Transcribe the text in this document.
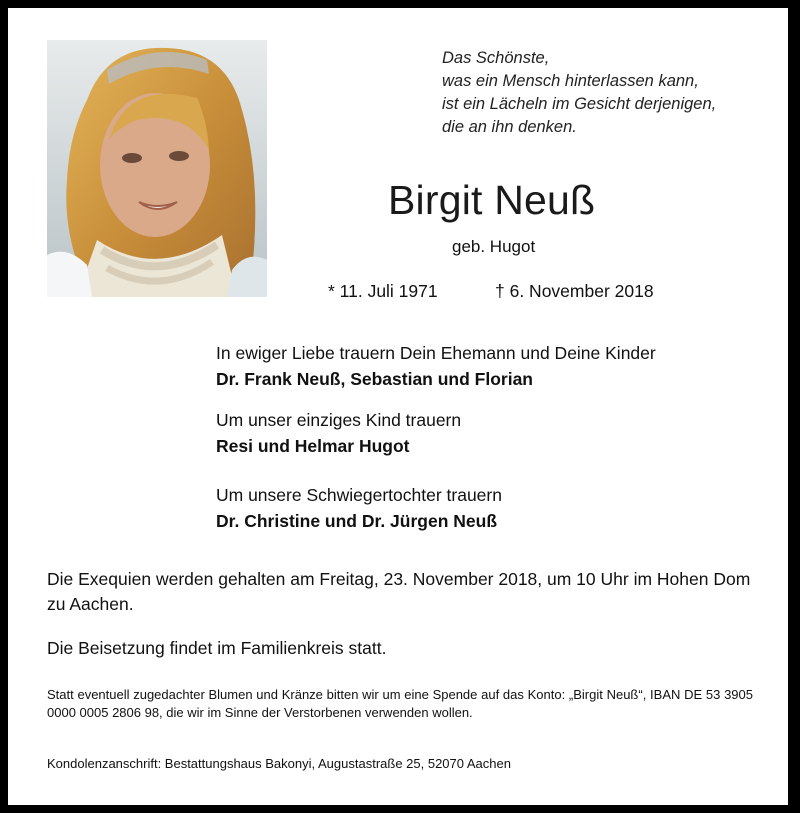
Das Schönste,
was ein Mensch hinterlassen kann,
ist ein Lächeln im Gesicht derjenigen,
die an ihn denken.
Birgit Neuß
geb. Hugot
* 11. Juli 1971	† 6. November 2018
In ewiger Liebe trauern Dein Ehemann und Deine Kinder
Dr. Frank Neuß, Sebastian und Florian
Um unser einziges Kind trauern
Resi und Helmar Hugot
Um unsere Schwiegertochter trauern
Dr. Christine und Dr. Jürgen Neuß
Die Exequien werden gehalten am Freitag, 23. November 2018, um 10 Uhr im Hohen Dom zu Aachen.
Die Beisetzung findet im Familienkreis statt.
Statt eventuell zugedachter Blumen und Kränze bitten wir um eine Spende auf das Konto: „Birgit Neuß“, IBAN DE 53 3905 0000 0005 2806 98, die wir im Sinne der Verstorbenen verwenden wollen.
Kondolenzanschrift: Bestattungshaus Bakonyi, Augustastraße 25, 52070 Aachen
